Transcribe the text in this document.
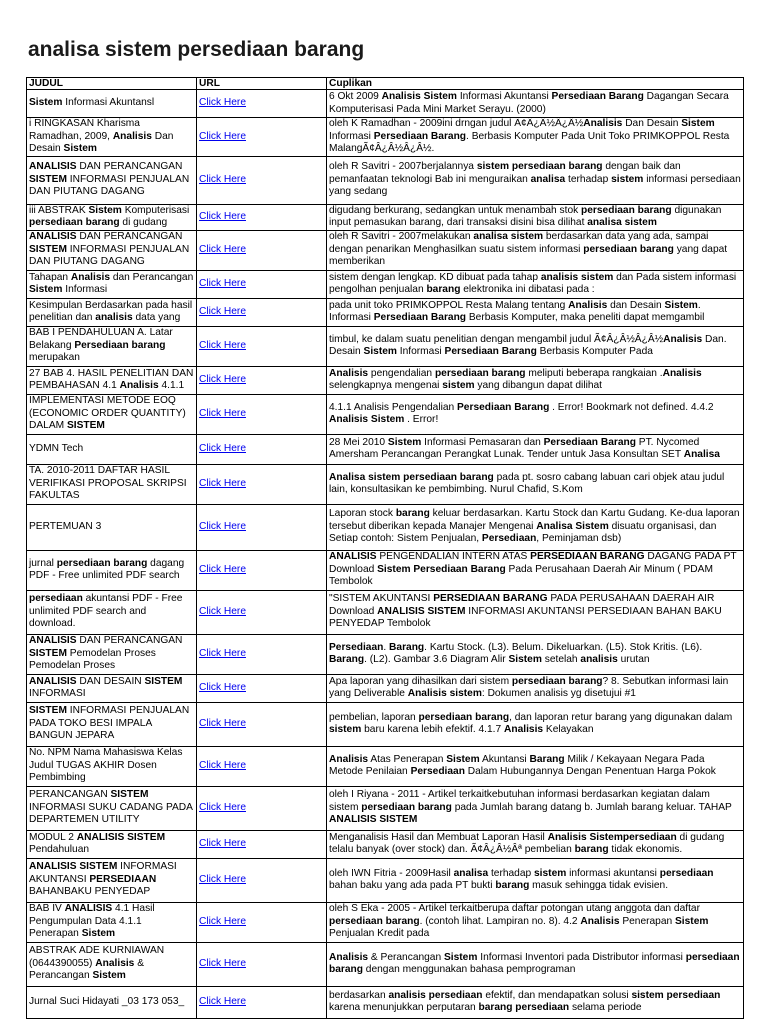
analisa sistem persediaan barang
JUDUL	URL	Cuplikan
Sistem Informasi Akuntansl	Click Here	6 Okt 2009 Analisis Sistem Informasi Akuntansi Persediaan Barang Dagangan Secara Komputerisasi Pada Mini Market Serayu. (2000)
i RINGKASAN Kharisma Ramadhan, 2009, Analisis Dan Desain Sistem	Click Here	oleh K Ramadhan - 2009ini drngan judul Ã¢Â¿Â½Â¿Â½Analisis Dan Desain Sistem Informasi Persediaan Barang. Berbasis Komputer Pada Unit Toko PRIMKOPPOL Resta MalangÃ¢Â¿Â½Â¿Â½.
ANALISIS DAN PERANCANGAN SISTEM INFORMASI PENJUALAN DAN PIUTANG DAGANG	Click Here	oleh R Savitri - 2007berjalannya sistem persediaan barang dengan baik dan pemanfaatan teknologi Bab ini menguraikan analisa terhadap sistem informasi persediaan yang sedang
iii ABSTRAK Sistem Komputerisasi persediaan barang di gudang	Click Here	digudang berkurang, sedangkan untuk menambah stok persediaan barang digunakan input pemasukan barang, dari transaksi disini bisa dilihat analisa sistem
ANALISIS DAN PERANCANGAN SISTEM INFORMASI PENJUALAN DAN PIUTANG DAGANG	Click Here	oleh R Savitri - 2007melakukan analisa sistem berdasarkan data yang ada, sampai dengan penarikan Menghasilkan suatu sistem informasi persediaan barang yang dapat memberikan
Tahapan Analisis dan Perancangan Sistem Informasi	Click Here	sistem dengan lengkap. KD dibuat pada tahap analisis sistem dan Pada sistem informasi pengolhan penjualan barang elektronika ini dibatasi pada :
Kesimpulan Berdasarkan pada hasil penelitian dan analisis data yang	Click Here	pada unit toko PRIMKOPPOL Resta Malang tentang Analisis dan Desain Sistem. Informasi Persediaan Barang Berbasis Komputer, maka peneliti dapat memgambil
BAB I PENDAHULUAN A. Latar Belakang Persediaan barang merupakan	Click Here	timbul, ke dalam suatu penelitian dengan mengambil judul Ã¢Â¿Â½Â¿Â½Analisis Dan. Desain Sistem Informasi Persediaan Barang Berbasis Komputer Pada
27 BAB 4. HASIL PENELITIAN DAN PEMBAHASAN 4.1 Analisis 4.1.1	Click Here	Analisis pengendalian persediaan barang meliputi beberapa rangkaian .Analisis selengkapnya mengenai sistem yang dibangun dapat dilihat
IMPLEMENTASI METODE EOQ (ECONOMIC ORDER QUANTITY) DALAM SISTEM	Click Here	4.1.1 Analisis Pengendalian Persediaan Barang . Error! Bookmark not defined. 4.4.2 Analisis Sistem . Error!
YDMN Tech	Click Here	28 Mei 2010 Sistem Informasi Pemasaran dan Persediaan Barang PT. Nycomed Amersham Perancangan Perangkat Lunak. Tender untuk Jasa Konsultan SET Analisa
TA. 2010-2011 DAFTAR HASIL VERIFIKASI PROPOSAL SKRIPSI FAKULTAS	Click Here	Analisa sistem persediaan barang pada pt. sosro cabang labuan cari objek atau judul lain, konsultasikan ke pembimbing. Nurul Chafid, S.Kom
PERTEMUAN 3	Click Here	Laporan stock barang keluar berdasarkan. Kartu Stock dan Kartu Gudang. Ke-dua laporan tersebut diberikan kepada Manajer Mengenai Analisa Sistem disuatu organisasi, dan Setiap contoh: Sistem Penjualan, Persediaan, Peminjaman dsb)
jurnal persediaan barang dagang PDF - Free unlimited PDF search	Click Here	ANALISIS PENGENDALIAN INTERN ATAS PERSEDIAAN BARANG DAGANG PADA PT Download Sistem Persediaan Barang Pada Perusahaan Daerah Air Minum ( PDAM Tembolok
persediaan akuntansi PDF - Free unlimited PDF search and download.	Click Here	"SISTEM AKUNTANSI PERSEDIAAN BARANG PADA PERUSAHAAN DAERAH AIR Download ANALISIS SISTEM INFORMASI AKUNTANSI PERSEDIAAN BAHAN BAKU PENYEDAP Tembolok
ANALISIS DAN PERANCANGAN SISTEM Pemodelan Proses Pemodelan Proses	Click Here	Persediaan. Barang. Kartu Stock. (L3). Belum. Dikeluarkan. (L5). Stok Kritis. (L6). Barang. (L2). Gambar 3.6 Diagram Alir Sistem setelah analisis urutan
ANALISIS DAN DESAIN SISTEM INFORMASI	Click Here	Apa laporan yang dihasilkan dari sistem persediaan barang? 8. Sebutkan informasi lain yang Deliverable Analisis sistem: Dokumen analisis yg disetujui #1
SISTEM INFORMASI PENJUALAN PADA TOKO BESI IMPALA BANGUN JEPARA	Click Here	pembelian, laporan persediaan barang, dan laporan retur barang yang digunakan dalam sistem baru karena lebih efektif. 4.1.7 Analisis Kelayakan
No. NPM Nama Mahasiswa Kelas Judul TUGAS AKHIR Dosen Pembimbing	Click Here	Analisis Atas Penerapan Sistem Akuntansi Barang Milik / Kekayaan Negara Pada Metode Penilaian Persediaan Dalam Hubungannya Dengan Penentuan Harga Pokok
PERANCANGAN SISTEM INFORMASI SUKU CADANG PADA DEPARTEMEN UTILITY	Click Here	oleh I Riyana - 2011 - Artikel terkaitkebutuhan informasi berdasarkan kegiatan dalam sistem persediaan barang pada Jumlah barang datang b. Jumlah barang keluar. TAHAP ANALISIS SISTEM
MODUL 2 ANALISIS SISTEM Pendahuluan	Click Here	Menganalisis Hasil dan Membuat Laporan Hasil Analisis Sistempersediaan di gudang telalu banyak (over stock) dan. Ã¢Â¿Â½Âª pembelian barang tidak ekonomis.
ANALISIS SISTEM INFORMASI AKUNTANSI PERSEDIAAN BAHANBAKU PENYEDAP	Click Here	oleh IWN Fitria - 2009Hasil analisa terhadap sistem informasi akuntansi persediaan bahan baku yang ada pada PT bukti barang masuk sehingga tidak evisien.
BAB IV ANALISIS 4.1 Hasil Pengumpulan Data 4.1.1 Penerapan Sistem	Click Here	oleh S Eka - 2005 - Artikel terkaitberupa daftar potongan utang anggota dan daftar persediaan barang. (contoh lihat. Lampiran no. 8). 4.2 Analisis Penerapan Sistem Penjualan Kredit pada
ABSTRAK ADE KURNIAWAN (0644390055) Analisis & Perancangan Sistem	Click Here	Analisis & Perancangan Sistem Informasi Inventori pada Distributor informasi persediaan barang dengan menggunakan bahasa pemprograman
Jurnal Suci Hidayati _03 173 053_	Click Here	berdasarkan analisis persediaan efektif, dan mendapatkan solusi sistem persediaan karena menunjukkan perputaran barang persediaan selama periode
